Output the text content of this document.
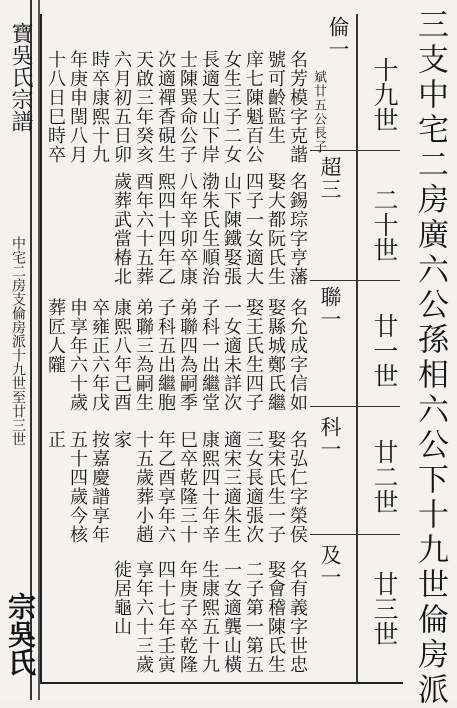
寶吳氏宗譜
中宅二房支倫房派十九世至廿三世
宗吳氏	三支中宅二房廣六公孫相六公下十九世倫房派
十九世
二十世
廿一世
廿二世
廿三世
倫一
斌廿五公長子
名芳模字克諧
號可齡監生
庠七陳魁百公
女生三子二女
長適大山下岸
士陳巽命公子
次適禪香硯生
天啟三年癸亥
六月初五日卯
時卒康熙十九
年庚申閏八月
十八日巳時卒
超三
名錫琮字亨藩
娶大都阮氏生
四子一女適大
山下陳鐵娶張
渤朱氏生順治
八年辛卯卒康
熙四十四年乙
酉年六十五葬
歲葬武當椿北
聯一
名允成字信如
娶縣城鄭氏繼
娶王氏生四子
一女適未詳次
子科一出繼堂
弟聯四為嗣季
子科五出繼胞
弟聯三為嗣生
康熙八年己酉
卒雍正六年戊
申享年六十歲
葬匠人隴
科一
名弘仁字榮侯
娶宋氏生一子
三女長適張次
適宋三適朱生
康熙四十年辛
巳卒乾隆三十
年乙酉享年六
十五歲葬小趙
家
按嘉慶譜享年
五十四歲今核
正
及一
名有義字世忠
娶會稽陳氏生
二子第一第五
一女適龔山橫
生康熙五十九
年庚子卒乾隆
四十七年壬寅
享年六十三歲
徙居龜山
